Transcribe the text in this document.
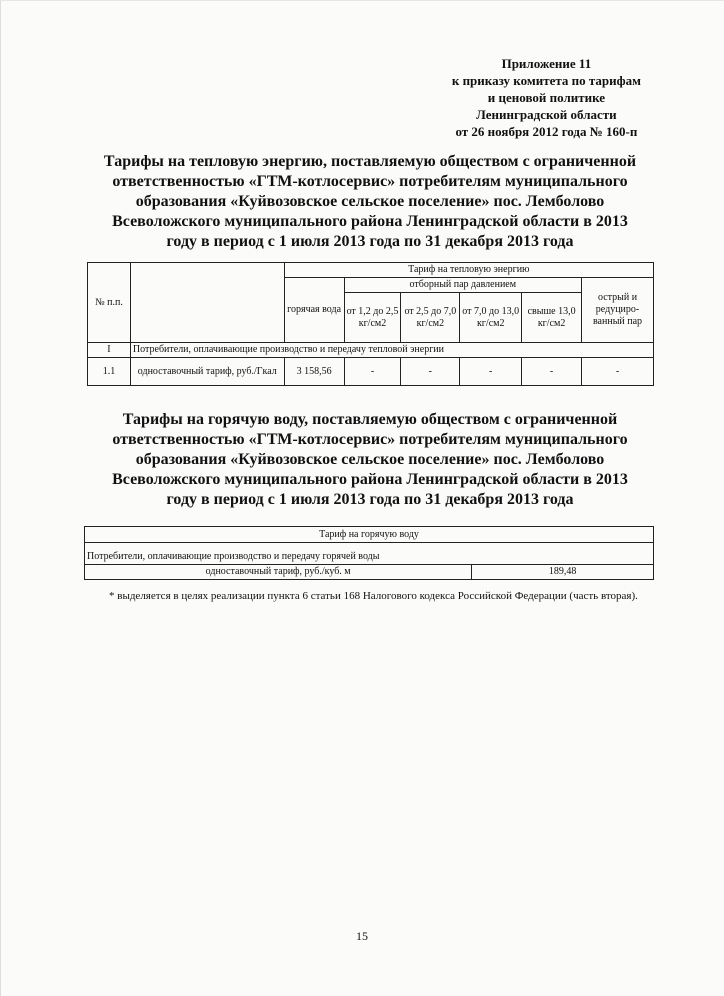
Приложение 11
к приказу комитета по тарифам
и ценовой политике
Ленинградской области
от 26 ноября 2012 года № 160-п
Тарифы на тепловую энергию, поставляемую обществом с ограниченной
ответственностью «ГТМ-котлосервис» потребителям муниципального
образования «Куйвозовское сельское поселение» пос. Лемболово
Всеволожского муниципального района Ленинградской области в 2013
году в период с 1 июля 2013 года по 31 декабря 2013 года
№ п.п.		Тариф на тепловую энергию					
		горячая вода	отборный пар давлением				острый и редуциро-ванный пар
			от 1,2 до 2,5 кг/см2	от 2,5 до 7,0 кг/см2	от 7,0 до 13,0 кг/см2	свыше 13,0 кг/см2	
I	Потребители, оплачивающие производство и передачу тепловой энергии						
1.1	одноставочный тариф, руб./Гкал	3 158,56	-	-	-	-	-
Тарифы на горячую воду, поставляемую обществом с ограниченной
ответственностью «ГТМ-котлосервис» потребителям муниципального
образования «Куйвозовское сельское поселение» пос. Лемболово
Всеволожского муниципального района Ленинградской области в 2013
году в период с 1 июля 2013 года по 31 декабря 2013 года
Тариф на горячую воду
Потребители, оплачивающие производство и передачу горячей воды
одноставочный тариф, руб./куб. м	189,48
* выделяется в целях реализации пункта 6 статьи 168 Налогового кодекса Российской Федерации (часть вторая).
15
